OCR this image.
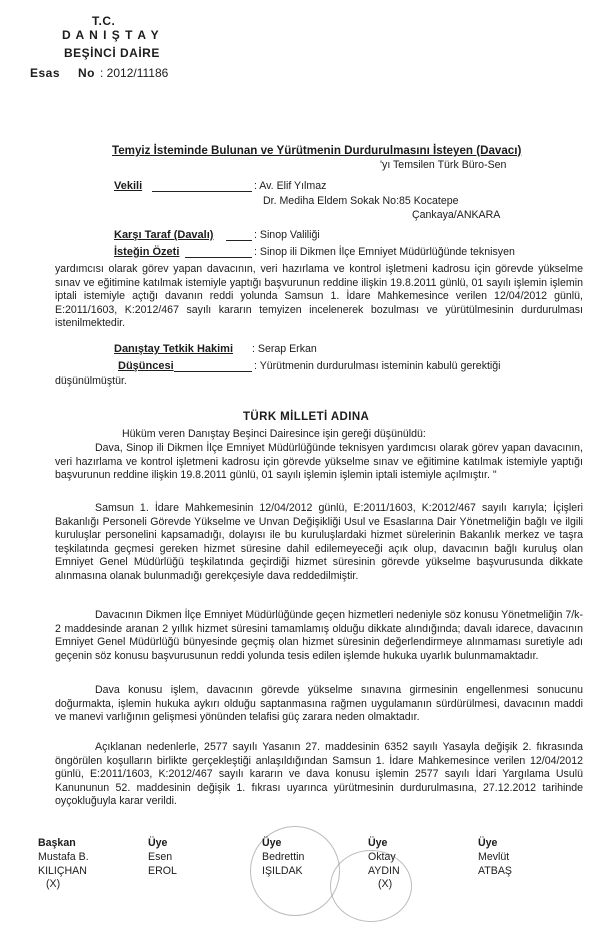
T.C.
D A N I Ş T A Y
BEŞİNCİ DAİRE
Esas No : 2012/11186
Temyiz İsteminde Bulunan ve Yürütmenin Durdurulmasını İsteyen (Davacı)
'yı Temsilen Türk Büro-Sen
Vekili	: Av. Elif Yılmaz
Dr. Mediha Eldem Sokak No:85 Kocatepe
Çankaya/ANKARA
Karşı Taraf (Davalı)	: Sinop Valiliği
İsteğin Özeti	: Sinop ili Dikmen İlçe Emniyet Müdürlüğünde teknisyen
yardımcısı olarak görev yapan davacının, veri hazırlama ve kontrol işletmeni kadrosu için görevde yükselme sınav ve eğitimine katılmak istemiyle yaptığı başvurunun reddine ilişkin 19.8.2011 günlü, 01 sayılı işlemin işlemin iptali istemiyle açtığı davanın reddi yolunda Samsun 1. İdare Mahkemesince verilen 12/04/2012 günlü, E:2011/1603, K:2012/467 sayılı kararın temyizen incelenerek bozulması ve yürütülmesinin durdurulması istenilmektedir.
Danıştay Tetkik Hakimi : Serap Erkan
Düşüncesi	: Yürütmenin durdurulması isteminin kabulü gerektiği
düşünülmüştür.
TÜRK MİLLETİ ADINA
Hüküm veren Danıştay Beşinci Dairesince işin gereği düşünüldü:
Dava, Sinop ili Dikmen İlçe Emniyet Müdürlüğünde teknisyen yardımcısı olarak görev yapan davacının, veri hazırlama ve kontrol işletmeni kadrosu için görevde yükselme sınav ve eğitimine katılmak istemiyle yaptığı başvurunun reddine ilişkin 19.8.2011 günlü, 01 sayılı işlemin işlemin iptali istemiyle açılmıştır. "
Samsun 1. İdare Mahkemesinin 12/04/2012 günlü, E:2011/1603, K:2012/467 sayılı karıyla; İçişleri Bakanlığı Personeli Görevde Yükselme ve Unvan Değişikliği Usul ve Esaslarına Dair Yönetmeliğin bağlı ve ilgili kuruluşlar personelini kapsamadığı, dolayısı ile bu kuruluşlardaki hizmet sürelerinin Bakanlık merkez ve taşra teşkilatında geçmesi gereken hizmet süresine dahil edilemeyeceği açık olup, davacının bağlı kuruluş olan Emniyet Genel Müdürlüğü teşkilatında geçirdiği hizmet süresinin görevde yükselme başvurusunda dikkate alınmasına olanak bulunmadığı gerekçesiyle dava reddedilmiştir.
Davacının Dikmen İlçe Emniyet Müdürlüğünde geçen hizmetleri nedeniyle söz konusu Yönetmeliğin 7/k-2 maddesinde aranan 2 yıllık hizmet süresini tamamlamış olduğu dikkate alındığında; davalı idarece, davacının Emniyet Genel Müdürlüğü bünyesinde geçmiş olan hizmet süresinin değerlendirmeye alınmaması suretiyle adı geçenin söz konusu başvurusunun reddi yolunda tesis edilen işlemde hukuka uyarlık bulunmamaktadır.
Dava konusu işlem, davacının görevde yükselme sınavına girmesinin engellenmesi sonucunu doğurmakta, işlemin hukuka aykırı olduğu saptanmasına rağmen uygulamanın sürdürülmesi, davacının maddi ve manevi varlığının gelişmesi yönünden telafisi güç zarara neden olmaktadır.
Açıklanan nedenlerle, 2577 sayılı Yasanın 27. maddesinin 6352 sayılı Yasayla değişik 2. fıkrasında öngörülen koşulların birlikte gerçekleştiği anlaşıldığından Samsun 1. İdare Mahkemesince verilen 12/04/2012 günlü, E:2011/1603, K:2012/467 sayılı kararın ve dava konusu işlemin 2577 sayılı İdari Yargılama Usulü Kanununun 52. maddesinin değişik 1. fıkrası uyarınca yürütmesinin durdurulmasına, 27.12.2012 tarihinde oyçokluğuyla karar verildi.
Başkan
Mustafa B.
KILIÇHAN
(X)
Üye
Esen
EROL
Üye
Bedrettin
IŞILDAK
Üye
Oktay
AYDIN
(X)
Üye
Mevlüt
ATBAŞ
